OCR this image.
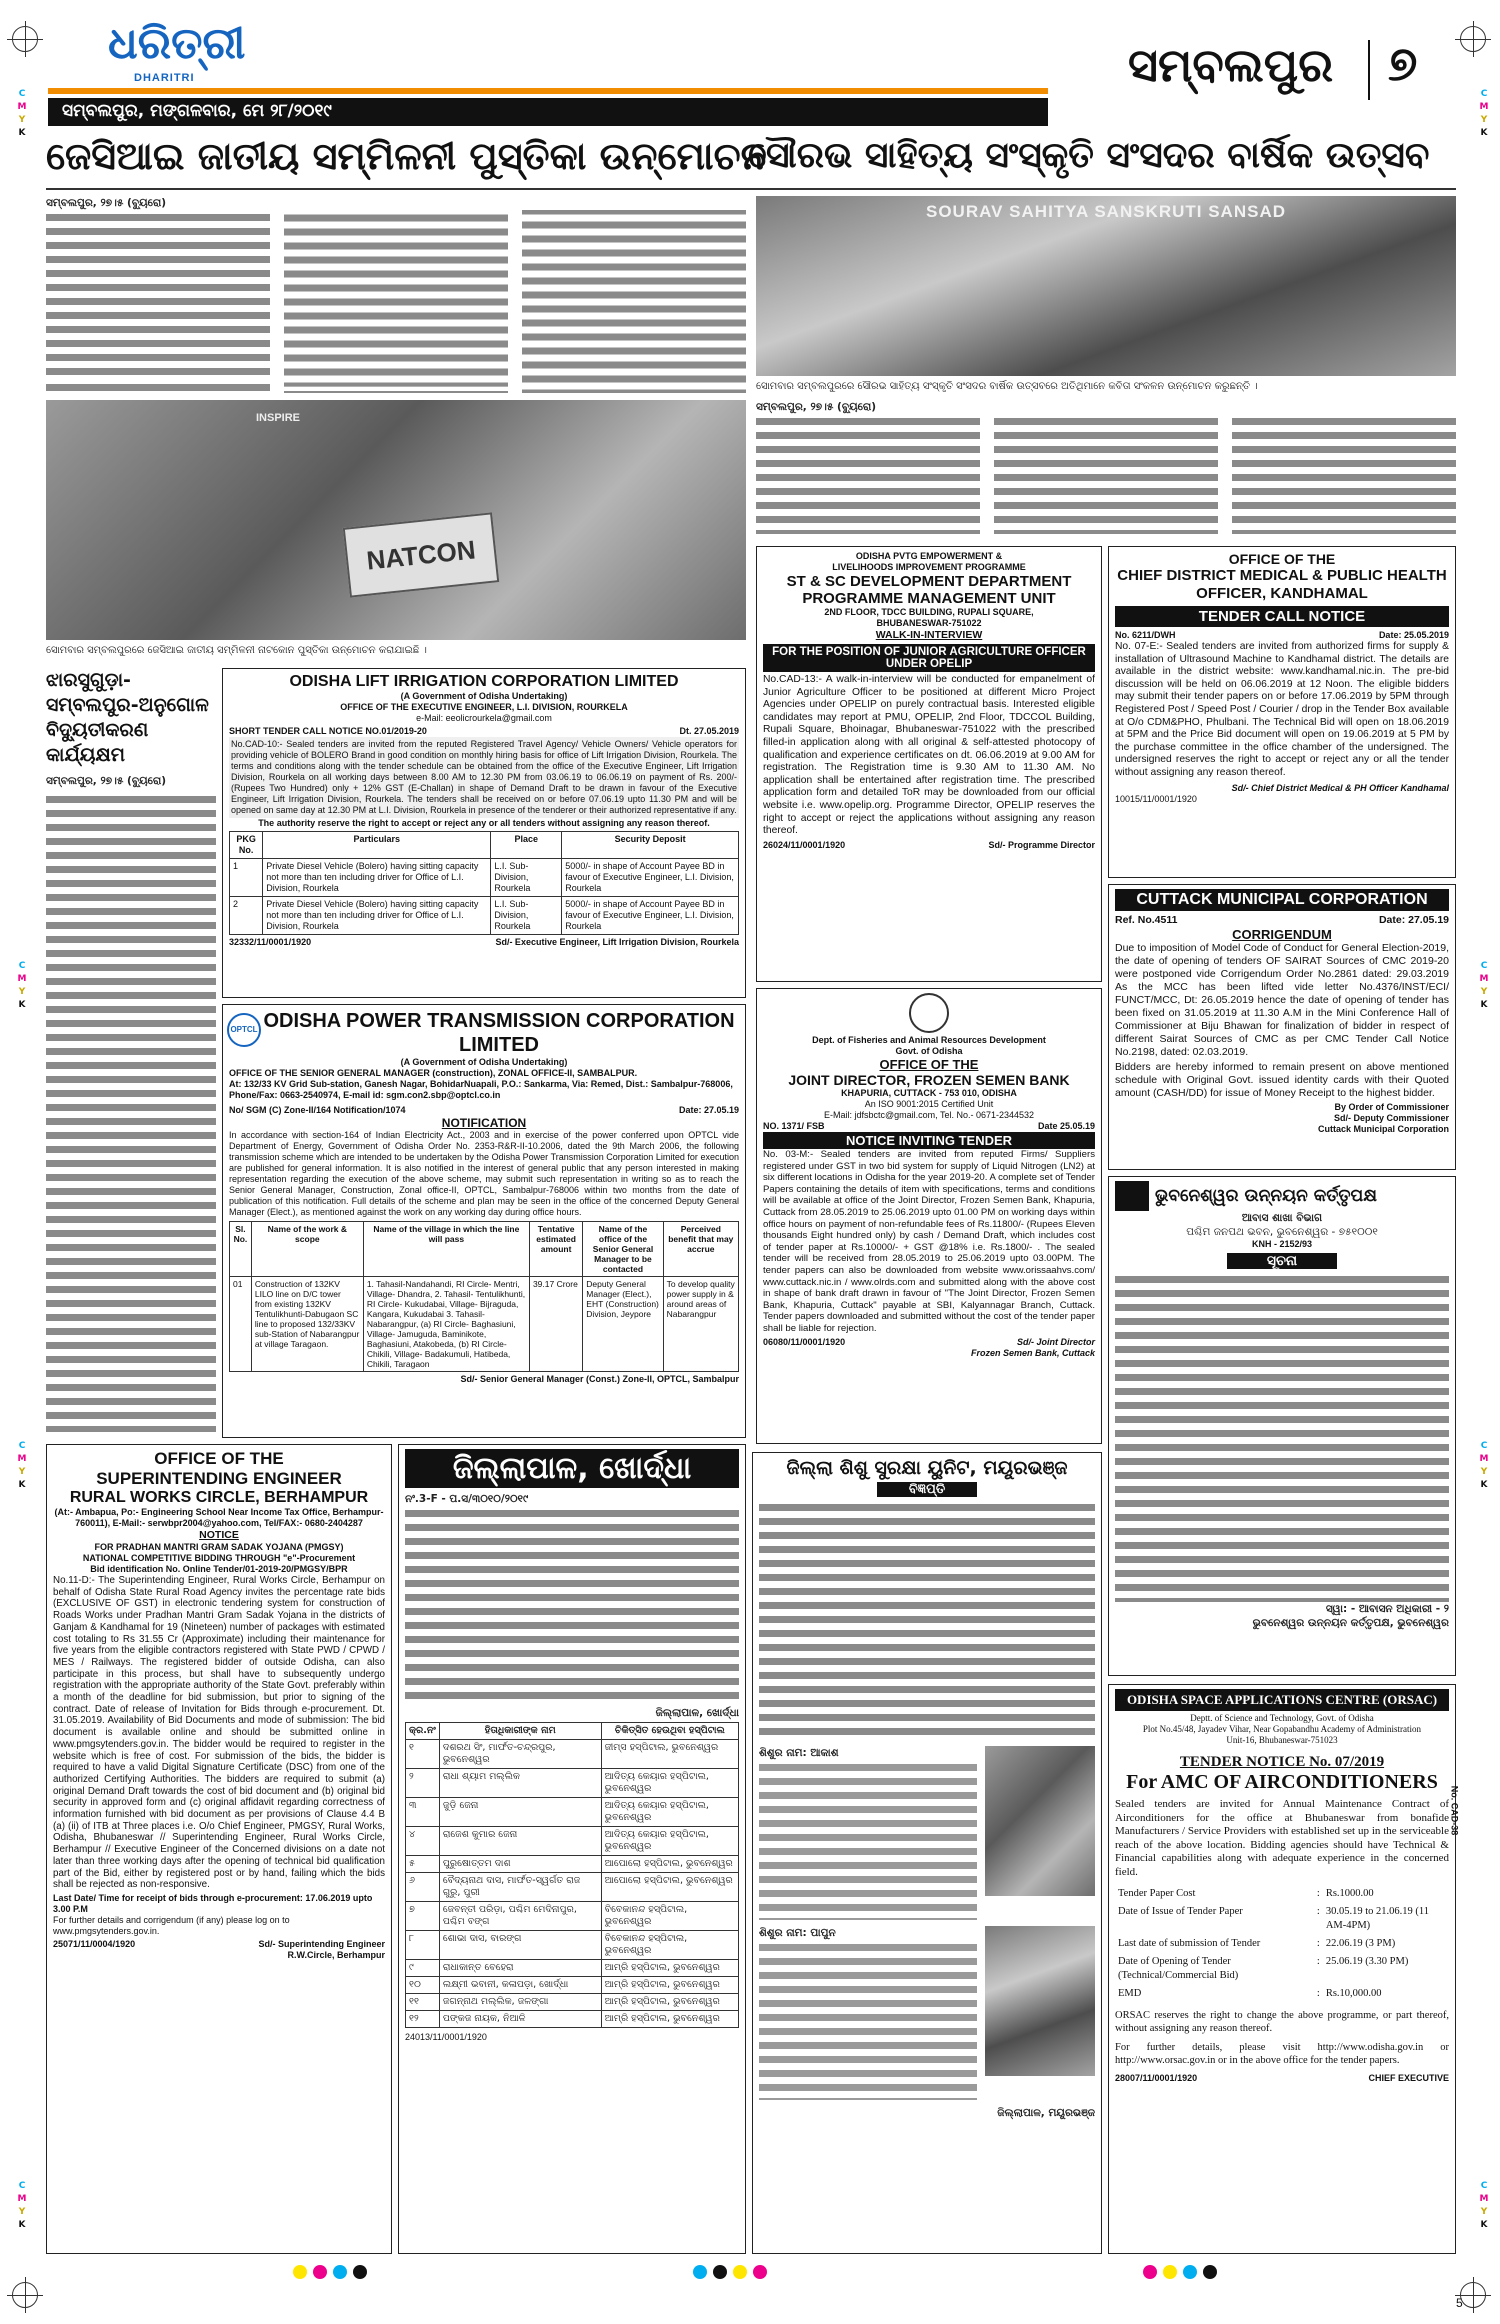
C
M
Y
K
C
M
Y
K
C
M
Y
K
C
M
Y
K
C
M
Y
K
C
M
Y
K
C
M
Y
K
C
M
Y
K
ଧରିତ୍ରୀ
DHARITRI
ସମ୍ବଲପୁର, ମଙ୍ଗଳବାର, ମେ ୨୮/୨୦୧୯
ସମ୍ବଲପୁର ୭
ଜେସିଆଇ ଜାତୀୟ ସମ୍ମିଳନୀ ପୁସ୍ତିକା ଉନ୍ମୋଚନ
ସୌରଭ ସାହିତ୍ୟ ସଂସ୍କୃତି ସଂସଦର ବାର୍ଷିକ ଉତ୍ସବ
ସମ୍ବଲପୁର, ୨୭।୫ (ବ୍ୟୁରୋ)
INSPIRE
NATCON
ସୋମବାର ସମ୍ବଲପୁରରେ ଜେସିଆଇ ଜାତୀୟ ସମ୍ମିଳନୀ ନାଟକୋନ ପୁସ୍ତିକା ଉନ୍ମୋଚନ କରାଯାଇଛି ।
SOURAV SAHITYA SANSKRUTI SANSAD
ସୋମବାର ସମ୍ବଲପୁରରେ ସୌରଭ ସାହିତ୍ୟ ସଂସ୍କୃତି ସଂସଦର ବାର୍ଷିକ ଉତ୍ସବରେ ଅତିଥିମାନେ କବିତା ସଂକଳନ ଉନ୍ମୋଚନ କରୁଛନ୍ତି ।
ସମ୍ବଲପୁର, ୨୭।୫ (ବ୍ୟୁରୋ)
ଝାରସୁଗୁଡ଼ା-ସମ୍ବଲପୁର-ଅନୁଗୋଳ ବିଦ୍ୟୁତୀକରଣ କାର୍ଯ୍ୟକ୍ଷମ
ସମ୍ବଲପୁର, ୨୭।୫ (ବ୍ୟୁରୋ)
ODISHA LIFT IRRIGATION CORPORATION LIMITED
(A Government of Odisha Undertaking)
OFFICE OF THE EXECUTIVE ENGINEER, L.I. DIVISION, ROURKELA
e-Mail: eeolicrourkela@gmail.com
SHORT TENDER CALL NOTICE NO.01/2019-20	Dt. 27.05.2019
No.CAD-10:- Sealed tenders are invited from the reputed Registered Travel Agency/ Vehicle Owners/ Vehicle operators for providing vehicle of BOLERO Brand in good condition on monthly hiring basis for office of Lift Irrigation Division, Rourkela. The terms and conditions along with the tender schedule can be obtained from the office of the Executive Engineer, Lift Irrigation Division, Rourkela on all working days between 8.00 AM to 12.30 PM from 03.06.19 to 06.06.19 on payment of Rs. 200/- (Rupees Two Hundred) only + 12% GST (E-Challan) in shape of Demand Draft to be drawn in favour of the Executive Engineer, Lift Irrigation Division, Rourkela. The tenders shall be received on or before 07.06.19 upto 11.30 PM and will be opened on same day at 12.30 PM at L.I. Division, Rourkela in presence of the tenderer or their authorized representative if any.
The authority reserve the right to accept or reject any or all tenders without assigning any reason thereof.
PKG No.	Particulars	Place	Security Deposit
1	Private Diesel Vehicle (Bolero) having sitting capacity not more than ten including driver for Office of L.I. Division, Rourkela	L.I. Sub-Division, Rourkela	5000/- in shape of Account Payee BD in favour of Executive Engineer, L.I. Division, Rourkela
2	Private Diesel Vehicle (Bolero) having sitting capacity not more than ten including driver for Office of L.I. Division, Rourkela	L.I. Sub-Division, Rourkela	5000/- in shape of Account Payee BD in favour of Executive Engineer, L.I. Division, Rourkela
32332/11/0001/1920	Sd/- Executive Engineer, Lift Irrigation Division, Rourkela
OPTCL ODISHA POWER TRANSMISSION CORPORATION LIMITED
(A Government of Odisha Undertaking)
OFFICE OF THE SENIOR GENERAL MANAGER (construction), ZONAL OFFICE-II, SAMBALPUR.
At: 132/33 KV Grid Sub-station, Ganesh Nagar, BohidarNuapali, P.O.: Sankarma, Via: Remed, Dist.: Sambalpur-768006, Phone/Fax: 0663-2540974, E-mail id: sgm.con2.sbp@optcl.co.in
No/ SGM (C) Zone-II/164 Notification/1074	Date: 27.05.19
NOTIFICATION
In accordance with section-164 of Indian Electricity Act., 2003 and in exercise of the power conferred upon OPTCL vide Department of Energy, Government of Odisha Order No. 2353-R&R-II-10.2006, dated the 9th March 2006, the following transmission scheme which are intended to be undertaken by the Odisha Power Transmission Corporation Limited for execution are published for general information. It is also notified in the interest of general public that any person interested in making representation regarding the execution of the above scheme, may submit such representation in writing so as to reach the Senior General Manager, Construction, Zonal office-II, OPTCL, Sambalpur-768006 within two months from the date of publication of this notification. Full details of the scheme and plan may be seen in the office of the concerned Deputy General Manager (Elect.), as mentioned against the work on any working day during office hours.
Sl. No.	Name of the work & scope	Name of the village in which the line will pass	Tentative estimated amount	Name of the office of the Senior General Manager to be contacted	Perceived benefit that may accrue
01	Construction of 132KV LILO line on D/C tower from existing 132KV Tentulikhunti-Dabugaon SC line to proposed 132/33KV sub-Station of Nabarangpur at village Taragaon.	1. Tahasil-Nandahandi, RI Circle- Mentri, Village- Dhandra, 2. Tahasil- Tentulikhunti, RI Circle- Kukudabai, Village- Bijraguda, Kangara, Kukudabai 3. Tahasil- Nabarangpur, (a) RI Circle- Baghasiuni, Village- Jamuguda, Baminikote, Baghasiuni, Atakobeda, (b) RI Circle- Chikili, Village- Badakumuli, Hatibeda, Chikili, Taragaon	39.17 Crore	Deputy General Manager (Elect.), EHT (Construction) Division, Jeypore	To develop quality power supply in & around areas of Nabarangpur
Sd/- Senior General Manager (Const.) Zone-II, OPTCL, Sambalpur
ODISHA PVTG EMPOWERMENT &
LIVELIHOODS IMPROVEMENT PROGRAMME
ST & SC DEVELOPMENT DEPARTMENT
PROGRAMME MANAGEMENT UNIT
2ND FLOOR, TDCC BUILDING, RUPALI SQUARE,
BHUBANESWAR-751022
WALK-IN-INTERVIEW
FOR THE POSITION OF JUNIOR AGRICULTURE OFFICER UNDER OPELIP
No.CAD-13:- A walk-in-interview will be conducted for empanelment of Junior Agriculture Officer to be positioned at different Micro Project Agencies under OPELIP on purely contractual basis. Interested eligible candidates may report at PMU, OPELIP, 2nd Floor, TDCCOL Building, Rupali Square, Bhoinagar, Bhubaneswar-751022 with the prescribed filled-in application along with all original & self-attested photocopy of qualification and experience certificates on dt. 06.06.2019 at 9.00 AM for registration. The Registration time is 9.30 AM to 11.30 AM. No application shall be entertained after registration time. The prescribed application form and detailed ToR may be downloaded from our official website i.e. www.opelip.org. Programme Director, OPELIP reserves the right to accept or reject the applications without assigning any reason thereof.
26024/11/0001/1920	Sd/- Programme Director
OFFICE OF THE
CHIEF DISTRICT MEDICAL & PUBLIC HEALTH OFFICER, KANDHAMAL
TENDER CALL NOTICE
No. 6211/DWH	Date: 25.05.2019
No. 07-E:- Sealed tenders are invited from authorized firms for supply & installation of Ultrasound Machine to Kandhamal district. The details are available in the district website: www.kandhamal.nic.in. The pre-bid discussion will be held on 06.06.2019 at 12 Noon. The eligible bidders may submit their tender papers on or before 17.06.2019 by 5PM through Registered Post / Speed Post / Courier / drop in the Tender Box available at O/o CDM&PHO, Phulbani. The Technical Bid will open on 18.06.2019 at 5PM and the Price Bid document will open on 19.06.2019 at 5 PM by the purchase committee in the office chamber of the undersigned. The undersigned reserves the right to accept or reject any or all the tender without assigning any reason thereof.
Sd/- Chief District Medical & PH Officer Kandhamal
10015/11/0001/1920
CUTTACK MUNICIPAL CORPORATION
Ref. No.4511	Date: 27.05.19
CORRIGENDUM
Due to imposition of Model Code of Conduct for General Election-2019, the date of opening of tenders OF SAIRAT Sources of CMC 2019-20 were postponed vide Corrigendum Order No.2861 dated: 29.03.2019 As the MCC has been lifted vide letter No.4376/INST/ECI/ FUNCT/MCC, Dt: 26.05.2019 hence the date of opening of tender has been fixed on 31.05.2019 at 11.30 A.M in the Mini Conference Hall of Commissioner at Biju Bhawan for finalization of bidder in respect of different Sairat Sources of CMC as per CMC Tender Call Notice No.2198, dated: 02.03.2019.
Bidders are hereby informed to remain present on above mentioned schedule with Original Govt. issued identity cards with their Quoted amount (CASH/DD) for issue of Money Receipt to the highest bidder.
By Order of Commissioner
Sd/- Deputy Commissioner
Cuttack Municipal Corporation
Dept. of Fisheries and Animal Resources Development
Govt. of Odisha
OFFICE OF THE
JOINT DIRECTOR, FROZEN SEMEN BANK
KHAPURIA, CUTTACK - 753 010, ODISHA
An ISO 9001:2015 Certified Unit
E-Mail: jdfsbctc@gmail.com, Tel. No.- 0671-2344532
NO. 1371/ FSB	Date 25.05.19
NOTICE INVITING TENDER
No. 03-M:- Sealed tenders are invited from reputed Firms/ Suppliers registered under GST in two bid system for supply of Liquid Nitrogen (LN2) at six different locations in Odisha for the year 2019-20. A complete set of Tender Papers containing the details of item with specifications, terms and conditions will be available at office of the Joint Director, Frozen Semen Bank, Khapuria, Cuttack from 28.05.2019 to 25.06.2019 upto 01.00 PM on working days within office hours on payment of non-refundable fees of Rs.11800/- (Rupees Eleven thousands Eight hundred only) by cash / Demand Draft, which includes cost of tender paper at Rs.10000/- + GST @18% i.e. Rs.1800/- . The sealed tender will be received from 28.05.2019 to 25.06.2019 upto 03.00PM. The tender papers can also be downloaded from website www.orissaahvs.com/ www.cuttack.nic.in / www.olrds.com and submitted along with the above cost in shape of bank draft drawn in favour of "The Joint Director, Frozen Semen Bank, Khapuria, Cuttack" payable at SBI, Kalyannagar Branch, Cuttack. Tender papers downloaded and submitted without the cost of the tender paper shall be liable for rejection.
06080/11/0001/1920	Sd/- Joint Director
Frozen Semen Bank, Cuttack
ଭୁବନେଶ୍ୱର ଉନ୍ନୟନ କର୍ତ୍ତୃପକ୍ଷ
ଆବାସ ଶାଖା ବିଭାଗ
ପଶ୍ଚିମ ଜନପଥ ଭବନ, ଭୁବନେଶ୍ୱର - ୭୫୧୦୦୧
KNH - 2152/93
ସୂଚନା
ସ୍ୱା: - ଆବାସନ ଅଧିକାରୀ - ୨
ଭୁବନେଶ୍ୱର ଉନ୍ନୟନ କର୍ତ୍ତୃପକ୍ଷ, ଭୁବନେଶ୍ୱର
OFFICE OF THE
SUPERINTENDING ENGINEER
RURAL WORKS CIRCLE, BERHAMPUR
(At:- Ambapua, Po:- Engineering School Near Income Tax Office, Berhampur-760011), E-Mail:- serwbpr2004@yahoo.com, Tel/FAX:- 0680-2404287
NOTICE
FOR PRADHAN MANTRI GRAM SADAK YOJANA (PMGSY)
NATIONAL COMPETITIVE BIDDING THROUGH "e"-Procurement
Bid identification No. Online Tender/01-2019-20/PMGSY/BPR
No.11-D:- The Superintending Engineer, Rural Works Circle, Berhampur on behalf of Odisha State Rural Road Agency invites the percentage rate bids (EXCLUSIVE OF GST) in electronic tendering system for construction of Roads Works under Pradhan Mantri Gram Sadak Yojana in the districts of Ganjam & Kandhamal for 19 (Nineteen) number of packages with estimated cost totaling to Rs 31.55 Cr (Approximate) including their maintenance for five years from the eligible contractors registered with State PWD / CPWD / MES / Railways. The registered bidder of outside Odisha, can also participate in this process, but shall have to subsequently undergo registration with the appropriate authority of the State Govt. preferably within a month of the deadline for bid submission, but prior to signing of the contract. Date of release of Invitation for Bids through e-procurement. Dt. 31.05.2019. Availability of Bid Documents and mode of submission: The bid document is available online and should be submitted online in www.pmgsytenders.gov.in. The bidder would be required to register in the website which is free of cost. For submission of the bids, the bidder is required to have a valid Digital Signature Certificate (DSC) from one of the authorized Certifying Authorities. The bidders are required to submit (a) original Demand Draft towards the cost of bid document and (b) original bid security in approved form and (c) original affidavit regarding correctness of information furnished with bid document as per provisions of Clause 4.4 B (a) (ii) of ITB at Three places i.e. O/o Chief Engineer, PMGSY, Rural Works, Odisha, Bhubaneswar // Superintending Engineer, Rural Works Circle, Berhampur // Executive Engineer of the Concerned divisions on a date not later than three working days after the opening of technical bid qualification part of the Bid, either by registered post or by hand, failing which the bids shall be rejected as non-responsive.
Last Date/ Time for receipt of bids through e-procurement: 17.06.2019 upto 3.00 P.M
For further details and corrigendum (if any) please log on to www.pmgsytenders.gov.in.
25071/11/0004/1920	Sd/- Superintending Engineer
R.W.Circle, Berhampur
ଜିଲ୍ଲାପାଳ, ଖୋର୍ଦ୍ଧା
ନଂ.3-F - ପ.ସ/୩୦୧୦/୨୦୧୯
ଜିଲ୍ଲାପାଳ, ଖୋର୍ଦ୍ଧା
କ୍ର.ନଂ	ହିତାଧିକାରୀଙ୍କ ନାମ	ଚିକିତ୍ସିତ ହେଉଥିବା ହସ୍ପିଟାଲ
୧	ଦଶରଥ ସିଂ, ମାର୍ଫତ-ଚନ୍ଦ୍ରପୁର, ଭୁବନେଶ୍ୱର	ଜୀମ୍ସ ହସ୍ପିଟାଲ, ଭୁବନେଶ୍ୱର
୨	ରାଧା ଶ୍ୟାମ ମଲ୍ଲିକ	ଆଦିତ୍ୟ କେୟାର ହସ୍ପିଟାଲ, ଭୁବନେଶ୍ୱର
୩	ଜୁଡ଼ି ଜେନା	ଆଦିତ୍ୟ କେୟାର ହସ୍ପିଟାଲ, ଭୁବନେଶ୍ୱର
୪	ରାଜେଶ କୁମାର ଜେନା	ଆଦିତ୍ୟ କେୟାର ହସ୍ପିଟାଲ, ଭୁବନେଶ୍ୱର
୫	ପୁରୁଷୋତ୍ତମ ଦାଶ	ଆପୋଲୋ ହସ୍ପିଟାଲ, ଭୁବନେଶ୍ୱର
୬	ବୈଦ୍ୟନାଥ ଦାସ, ମାର୍ଫତ-ସ୍ୱର୍ଗତ ରାଜ ଗୁରୁ, ପୁରୀ	ଆପୋଲୋ ହସ୍ପିଟାଲ, ଭୁବନେଶ୍ୱର
୭	ଜେବନ୍ତୀ ପରିଡ଼ା, ପଶ୍ଚିମ ମେଦିନାପୁର, ପଶ୍ଚିମ ବଙ୍ଗ	ବିବେକାନନ୍ଦ ହସ୍ପିଟାଲ, ଭୁବନେଶ୍ୱର
୮	ଶୋଭା ଦାସ, ବାରଙ୍ଗ	ବିବେକାନନ୍ଦ ହସ୍ପିଟାଲ, ଭୁବନେଶ୍ୱର
୯	ରାଧାକାନ୍ତ ବେହେରା	ଆମ୍ରି ହସ୍ପିଟାଲ, ଭୁବନେଶ୍ୱର
୧୦	ଲକ୍ଷ୍ମୀ ଭବାନୀ, କଳାପଡ଼ା, ଖୋର୍ଦ୍ଧା	ଆମ୍ରି ହସ୍ପିଟାଲ, ଭୁବନେଶ୍ୱର
୧୧	ଜଗନ୍ନାଥ ମଲ୍ଲିକ, ଜଳଙ୍ଗା	ଆମ୍ରି ହସ୍ପିଟାଲ, ଭୁବନେଶ୍ୱର
୧୨	ପଙ୍କଜ ନାୟକ, ନିଆଳି	ଆମ୍ରି ହସ୍ପିଟାଲ, ଭୁବନେଶ୍ୱର
24013/11/0001/1920
ଜିଲ୍ଲା ଶିଶୁ ସୁରକ୍ଷା ୟୁନିଟ, ମୟୂରଭଞ୍ଜ
ବିଜ୍ଞପ୍ତି
ଶିଶୁର ନାମ: ଆକାଶ
ଶିଶୁର ନାମ: ପାପୁନ
ଜିଲ୍ଲାପାଳ, ମୟୂରଭଞ୍ଜ
ODISHA SPACE APPLICATIONS CENTRE (ORSAC)
Deptt. of Science and Technology, Govt. of Odisha
Plot No.45/48, Jayadev Vihar, Near Gopabandhu Academy of Administration
Unit-16, Bhubaneswar-751023
No. CAD-38
TENDER NOTICE No. 07/2019
For AMC OF AIRCONDITIONERS
Sealed tenders are invited for Annual Maintenance Contract of Airconditioners for the office at Bhubaneswar from bonafide Manufacturers / Service Providers with established set up in the serviceable reach of the above location. Bidding agencies should have Technical & Financial capabilities along with adequate experience in the concerned field.
Tender Paper Cost	:	Rs.1000.00
Date of Issue of Tender Paper	:	30.05.19 to 21.06.19 (11 AM-4PM)
Last date of submission of Tender	:	22.06.19 (3 PM)
Date of Opening of Tender (Technical/Commercial Bid)	:	25.06.19 (3.30 PM)
EMD	:	Rs.10,000.00
ORSAC reserves the right to change the above programme, or part thereof, without assigning any reason thereof.
For further details, please visit http://www.odisha.gov.in or http://www.orsac.gov.in or in the above office for the tender papers.
28007/11/0001/1920	CHIEF EXECUTIVE
5
